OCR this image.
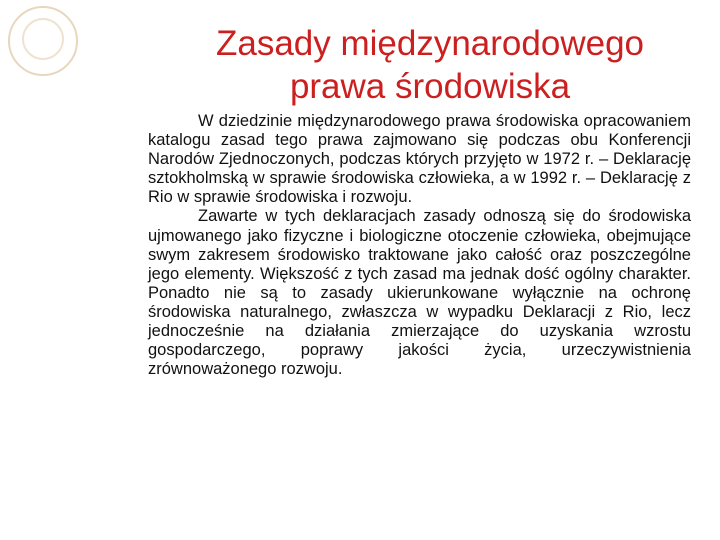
Zasady międzynarodowego
prawa środowiska

W dziedzinie międzynarodowego prawa środowiska opracowaniem katalogu zasad tego prawa zajmowano się podczas obu Konferencji Narodów Zjednoczonych, podczas których przyjęto w 1972 r. – Deklarację sztokholmską w sprawie środowiska człowieka, a w 1992 r. – Deklarację z Rio w sprawie środowiska i rozwoju.

Zawarte w tych deklaracjach zasady odnoszą się do środowiska ujmowanego jako fizyczne i biologiczne otoczenie człowieka, obejmujące swym zakresem środowisko traktowane jako całość oraz poszczególne jego elementy. Większość z tych zasad ma jednak dość ogólny charakter. Ponadto nie są to zasady ukierunkowane wyłącznie na ochronę środowiska naturalnego, zwłaszcza w wypadku Deklaracji z Rio, lecz jednocześnie na działania zmierzające do uzyskania wzrostu gospodarczego, poprawy jakości życia, urzeczywistnienia zrównoważonego rozwoju.
